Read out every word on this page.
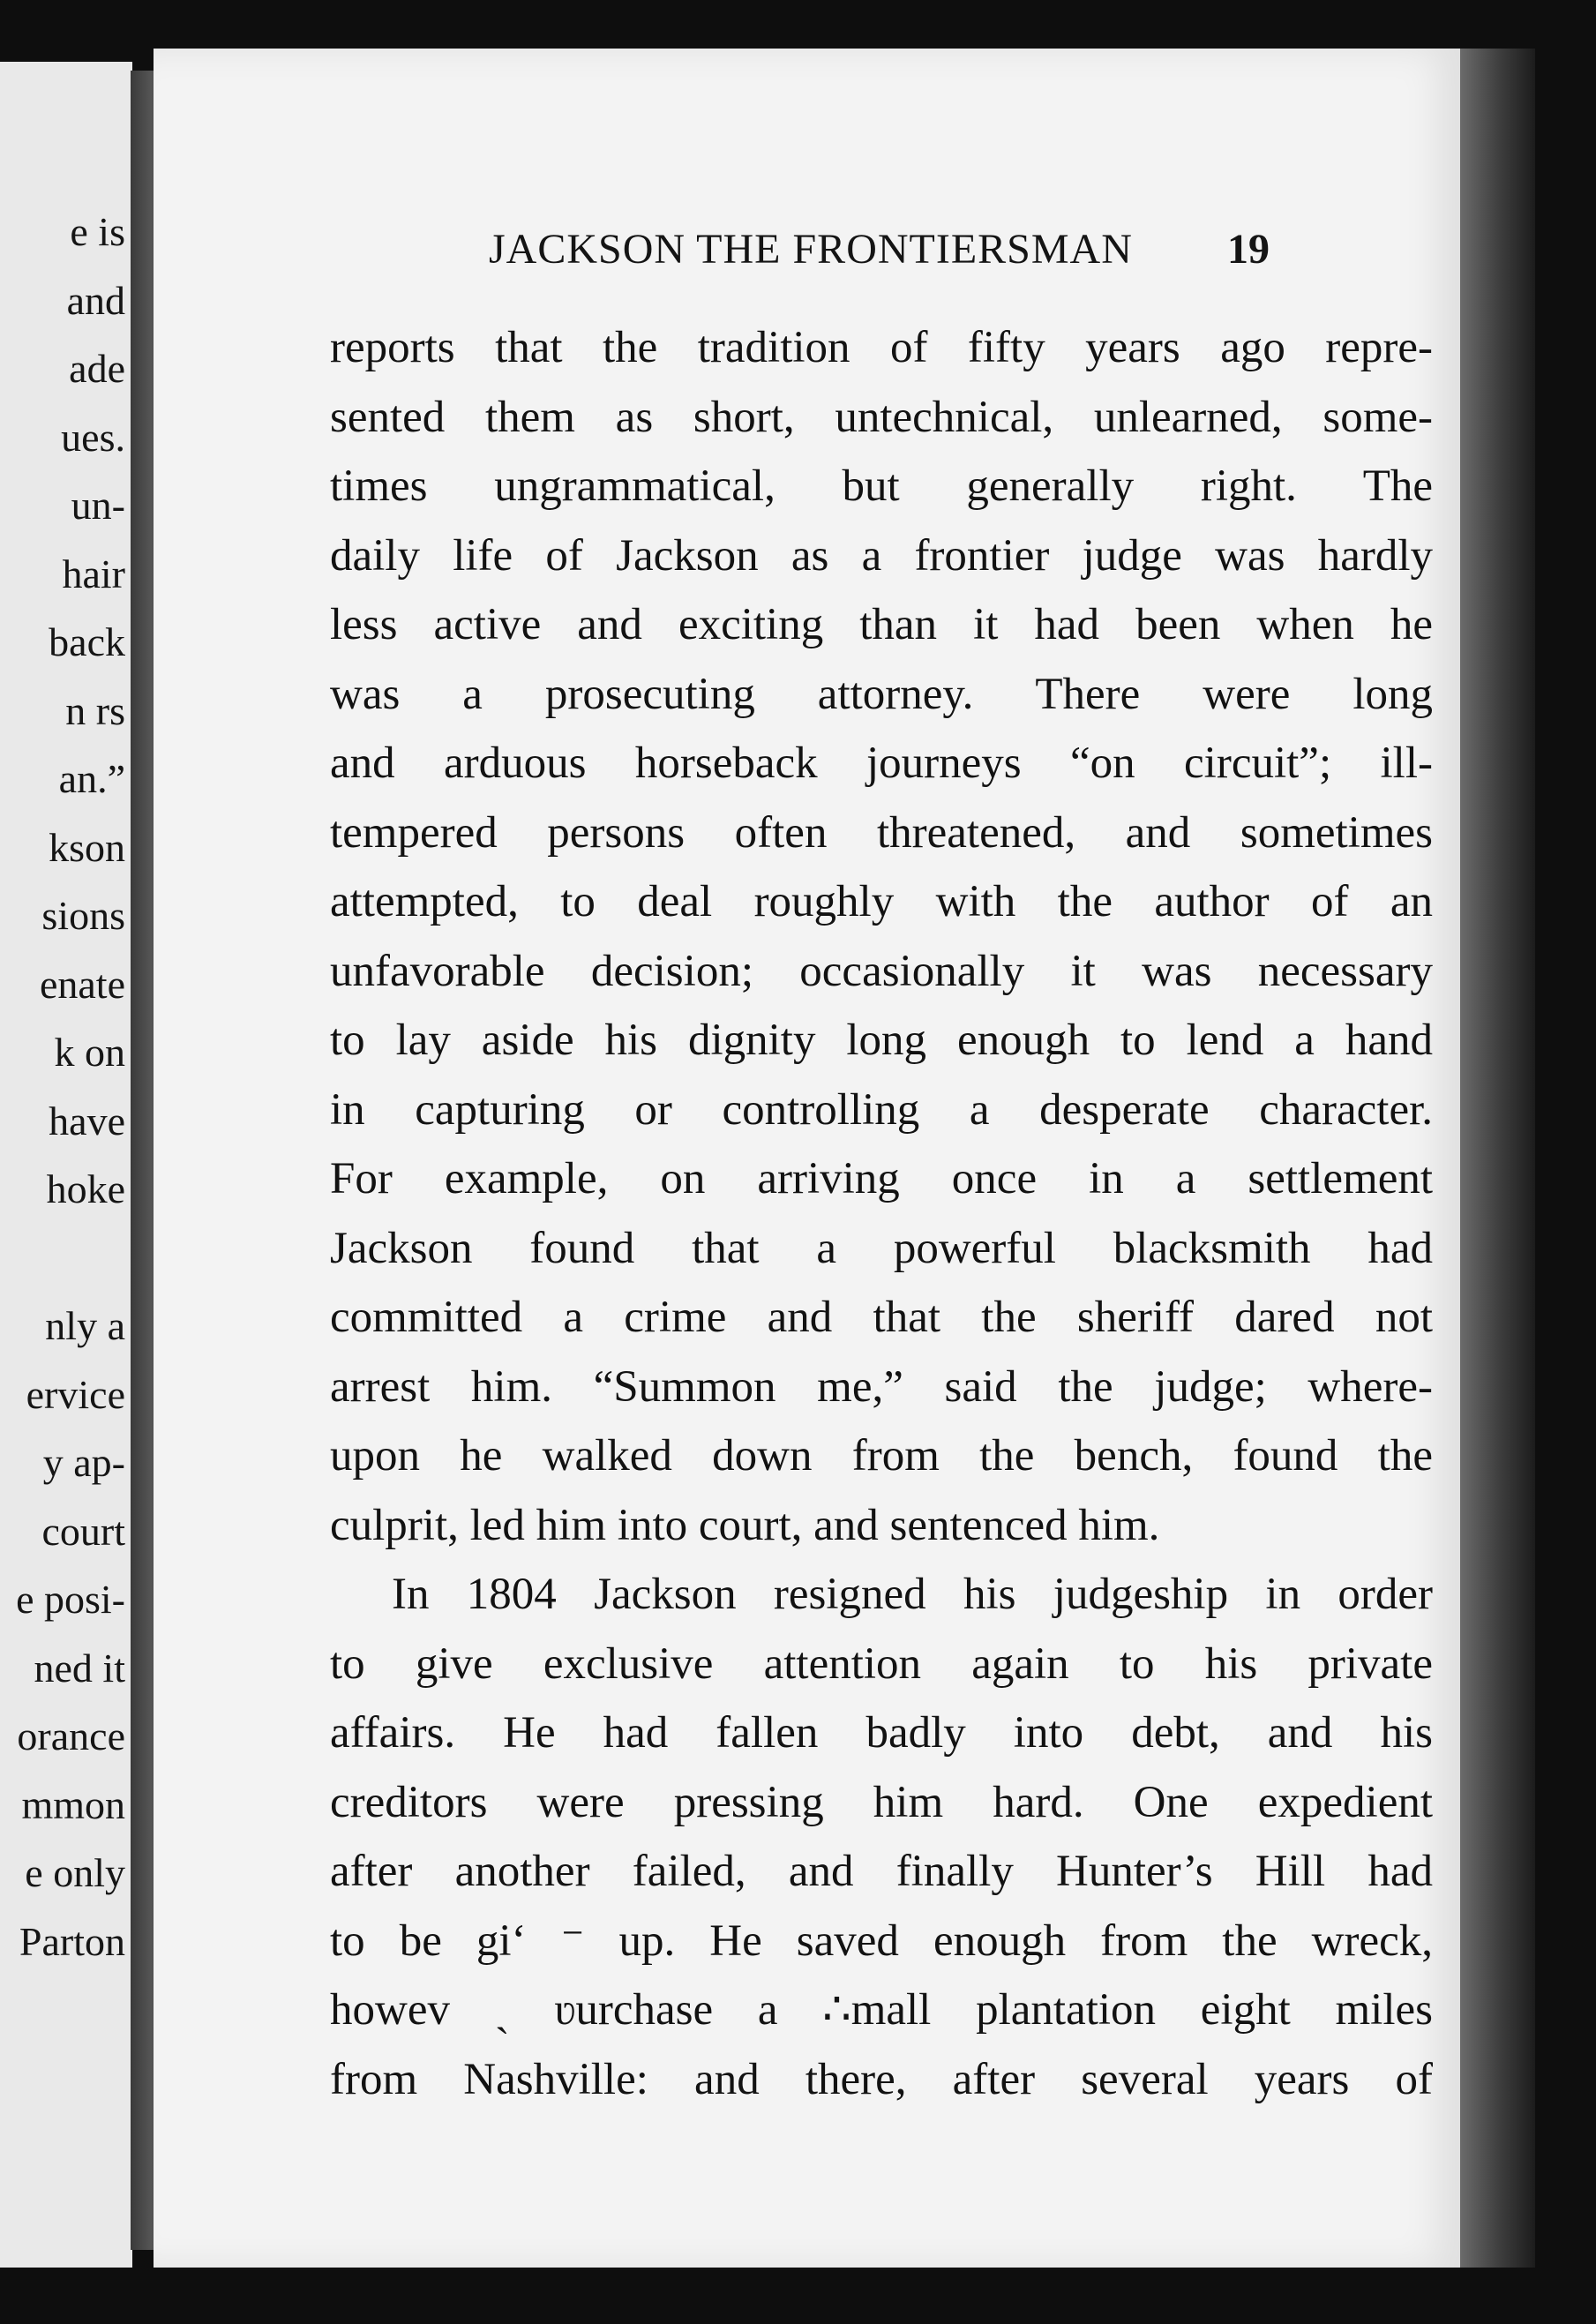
e is
and
ade
ues.
un-
hair
back
n rs
an.”
kson
sions
enate
k on
have
hoke
nly a
ervice
y ap-
court
e posi-
ned it
orance
mmon
e only
Parton
JACKSON THE FRONTIERSMAN 19
reports that the tradition of fifty years ago repre-
sented them as short, untechnical, unlearned, some-
times ungrammatical, but generally right. The
daily life of Jackson as a frontier judge was hardly
less active and exciting than it had been when he
was a prosecuting attorney. There were long
and arduous horseback journeys “on circuit”; ill-
tempered persons often threatened, and sometimes
attempted, to deal roughly with the author of an
unfavorable decision; occasionally it was necessary
to lay aside his dignity long enough to lend a hand
in capturing or controlling a desperate character.
For example, on arriving once in a settlement
Jackson found that a powerful blacksmith had
committed a crime and that the sheriff dared not
arrest him. “Summon me,” said the judge; where-
upon he walked down from the bench, found the
culprit, led him into court, and sentenced him.
In 1804 Jackson resigned his judgeship in order
to give exclusive attention again to his private
affairs. He had fallen badly into debt, and his
creditors were pressing him hard. One expedient
after another failed, and finally Hunter’s Hill had
to be giʻ ⁻ up. He saved enough from the wreck,
howev ˎ ʋurchase a ∴mall plantation eight miles
from Nashville: and there, after several years of
